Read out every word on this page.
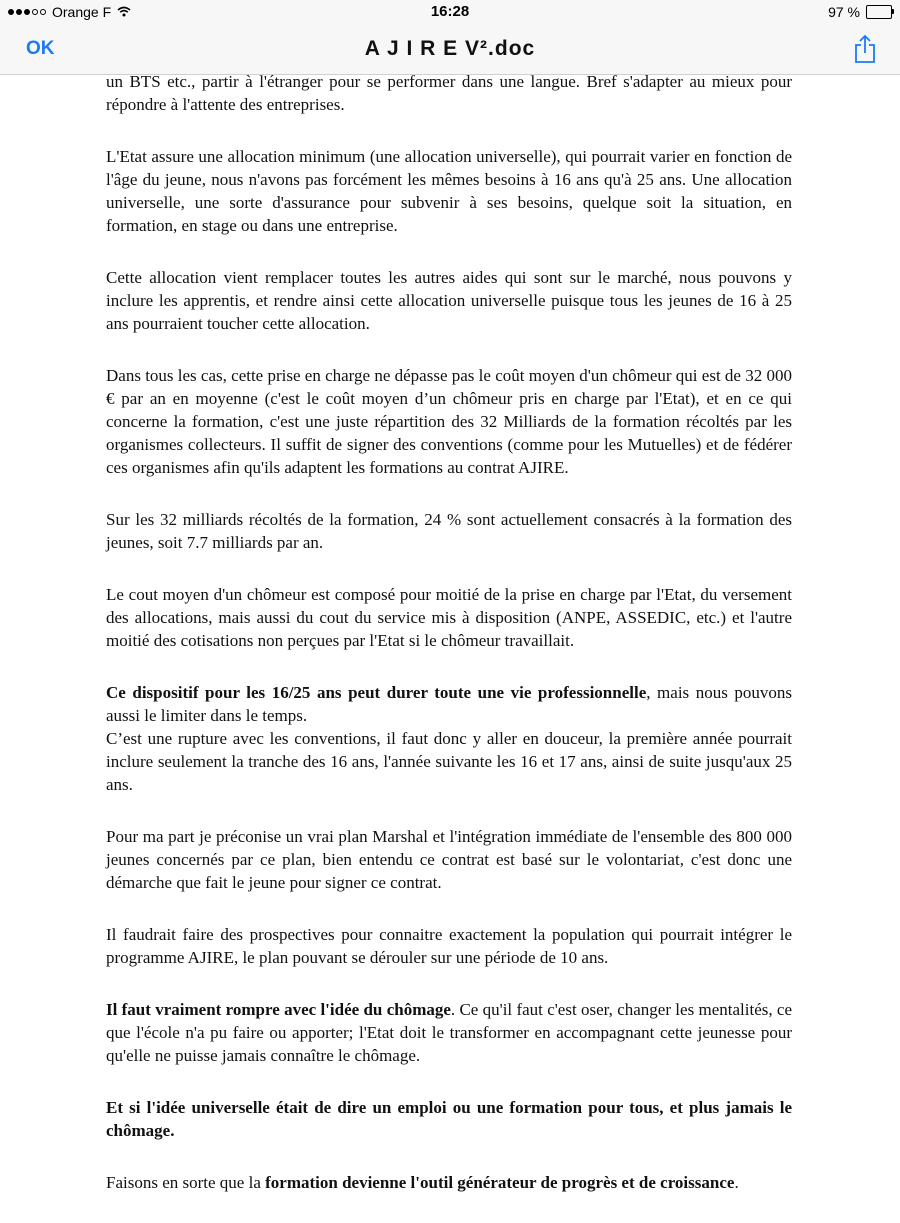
Orange F	16:28	97 %
OK	A J I R E V².doc

un BTS etc., partir à l'étranger pour se performer dans une langue. Bref s'adapter au mieux pour répondre à l'attente des entreprises.

L'Etat assure une allocation minimum (une allocation universelle), qui pourrait varier en fonction de l'âge du jeune, nous n'avons pas forcément les mêmes besoins à 16 ans qu'à 25 ans. Une allocation universelle, une sorte d'assurance pour subvenir à ses besoins, quelque soit la situation, en formation, en stage ou dans une entreprise.

Cette allocation vient remplacer toutes les autres aides qui sont sur le marché, nous pouvons y inclure les apprentis, et rendre ainsi cette allocation universelle puisque tous les jeunes de 16 à 25 ans pourraient toucher cette allocation.

Dans tous les cas, cette prise en charge ne dépasse pas le coût moyen d'un chômeur qui est de 32 000 € par an en moyenne (c'est le coût moyen d’un chômeur pris en charge par l'Etat), et en ce qui concerne la formation, c'est une juste répartition des 32 Milliards de la formation récoltés par les organismes collecteurs. Il suffit de signer des conventions (comme pour les Mutuelles) et de fédérer ces organismes afin qu'ils adaptent les formations au contrat AJIRE.

Sur les 32 milliards récoltés de la formation, 24 % sont actuellement consacrés à la formation des jeunes, soit 7.7 milliards par an.

Le cout moyen d'un chômeur est composé pour moitié de la prise en charge par l'Etat, du versement des allocations, mais aussi du cout du service mis à disposition (ANPE, ASSEDIC, etc.) et l'autre moitié des cotisations non perçues par l'Etat si le chômeur travaillait.

Ce dispositif pour les 16/25 ans peut durer toute une vie professionnelle, mais nous pouvons aussi le limiter dans le temps.

C’est une rupture avec les conventions, il faut donc y aller en douceur, la première année pourrait inclure seulement la tranche des 16 ans, l'année suivante les 16 et 17 ans, ainsi de suite jusqu'aux 25 ans.

Pour ma part je préconise un vrai plan Marshal et l'intégration immédiate de l'ensemble des 800 000 jeunes concernés par ce plan, bien entendu ce contrat est basé sur le volontariat, c'est donc une démarche que fait le jeune pour signer ce contrat.

Il faudrait faire des prospectives pour connaitre exactement la population qui pourrait intégrer le programme AJIRE, le plan pouvant se dérouler sur une période de 10 ans.

Il faut vraiment rompre avec l'idée du chômage. Ce qu'il faut c'est oser, changer les mentalités, ce que l'école n'a pu faire ou apporter; l'Etat doit le transformer en accompagnant cette jeunesse pour qu'elle ne puisse jamais connaître le chômage.

Et si l'idée universelle était de dire un emploi ou une formation pour tous, et plus jamais le chômage.

Faisons en sorte que la formation devienne l'outil générateur de progrès et de croissance.
